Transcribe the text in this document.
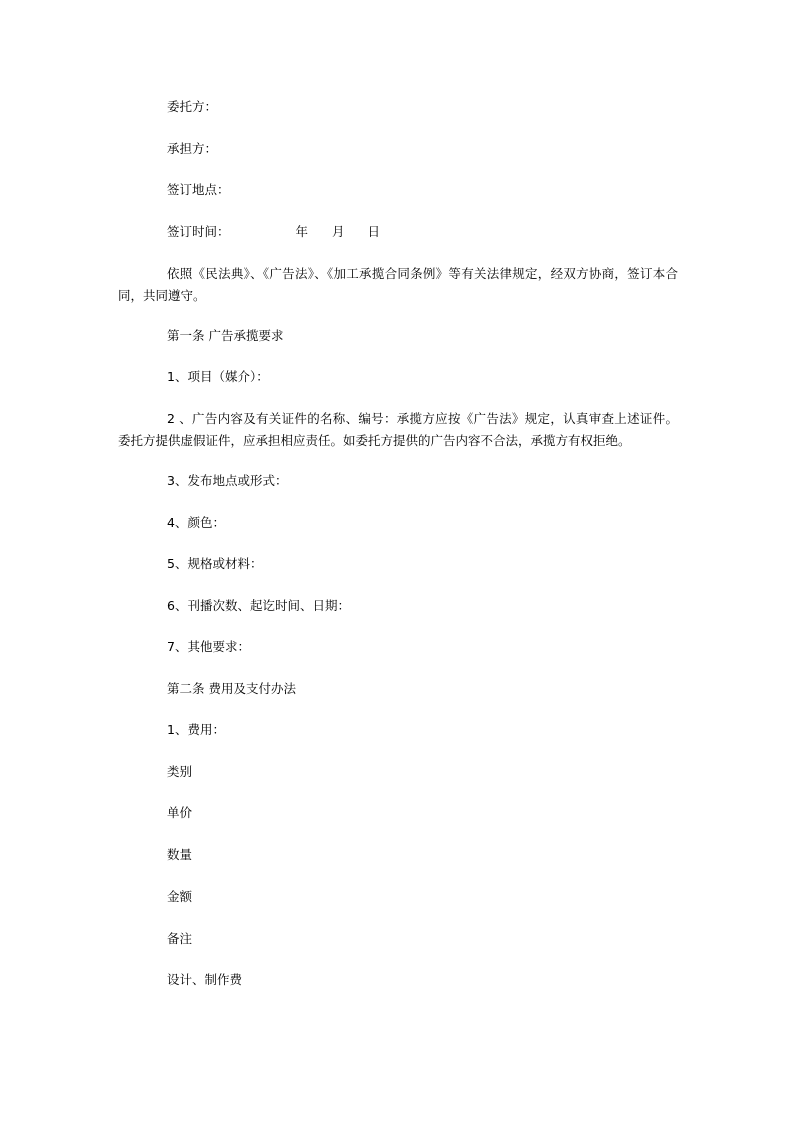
委托方：
承担方：
签订地点：
签订时间：	年 月 日
依照《民法典》、《广告法》、《加工承揽合同条例》等有关法律规定，经双方协商，签订本合同，共同遵守。
第一条 广告承揽要求
1、项目（媒介）：
2 、广告内容及有关证件的名称、编号：承揽方应按《广告法》规定，认真审查上述证件。委托方提供虚假证件，应承担相应责任。如委托方提供的广告内容不合法，承揽方有权拒绝。
3、发布地点或形式：
4、颜色：
5、规格或材料：
6、刊播次数、起讫时间、日期：
7、其他要求：
第二条 费用及支付办法
1、费用：
类别
单价
数量
金额
备注
设计、制作费
